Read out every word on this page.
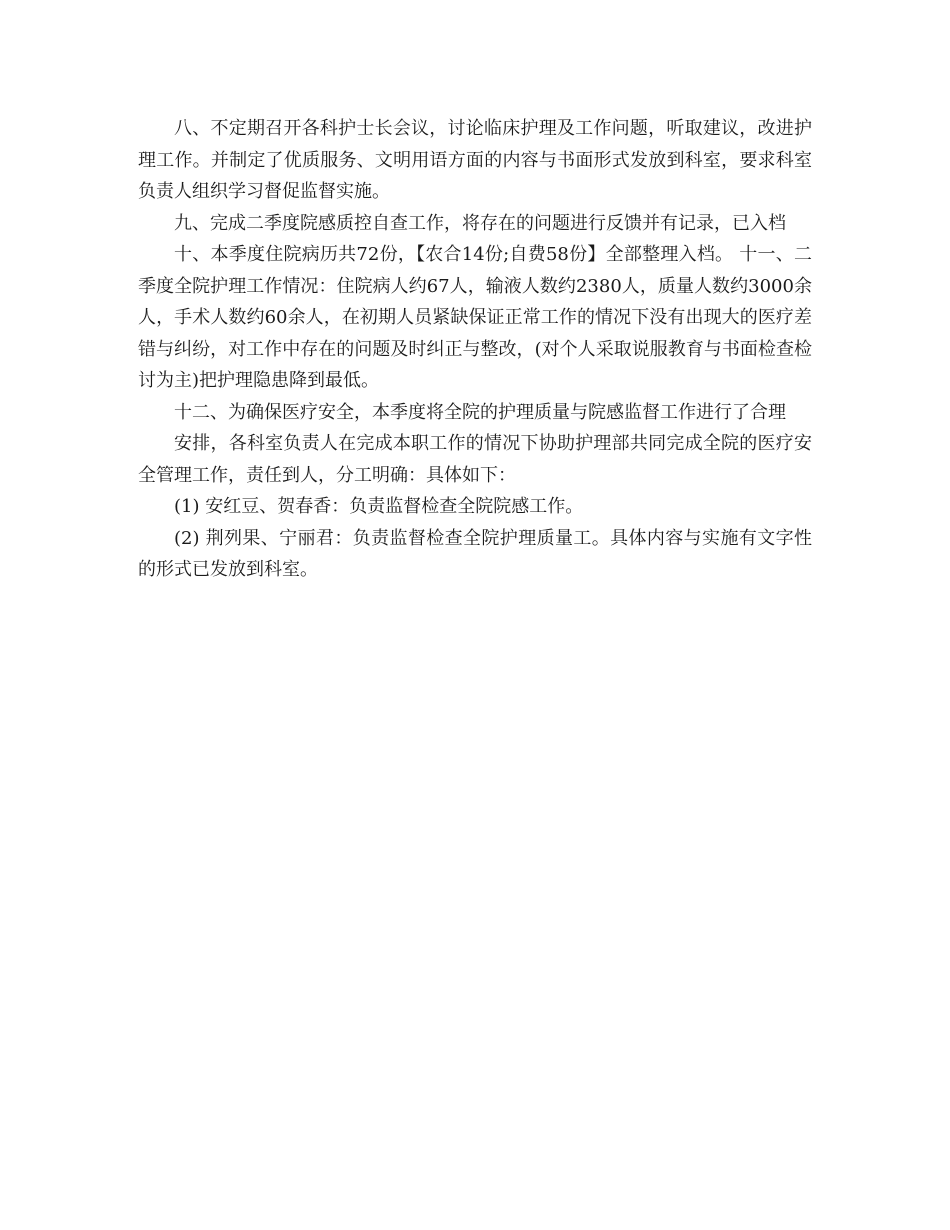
八、不定期召开各科护士长会议，讨论临床护理及工作问题，听取建议，改进护理工作。并制定了优质服务、文明用语方面的内容与书面形式发放到科室，要求科室负责人组织学习督促监督实施。

九、完成二季度院感质控自查工作，将存在的问题进行反馈并有记录，已入档

十、本季度住院病历共72份，【农合14份;自费58份】全部整理入档。 十一、二季度全院护理工作情况：住院病人约67人，输液人数约2380人，质量人数约3000余人，手术人数约60余人，在初期人员紧缺保证正常工作的情况下没有出现大的医疗差错与纠纷，对工作中存在的问题及时纠正与整改，(对个人采取说服教育与书面检查检讨为主)把护理隐患降到最低。

十二、为确保医疗安全，本季度将全院的护理质量与院感监督工作进行了合理

安排，各科室负责人在完成本职工作的情况下协助护理部共同完成全院的医疗安全管理工作，责任到人，分工明确：具体如下：

(1) 安红豆、贺春香：负责监督检查全院院感工作。

(2) 荆列果、宁丽君：负责监督检查全院护理质量工。具体内容与实施有文字性的形式已发放到科室。
